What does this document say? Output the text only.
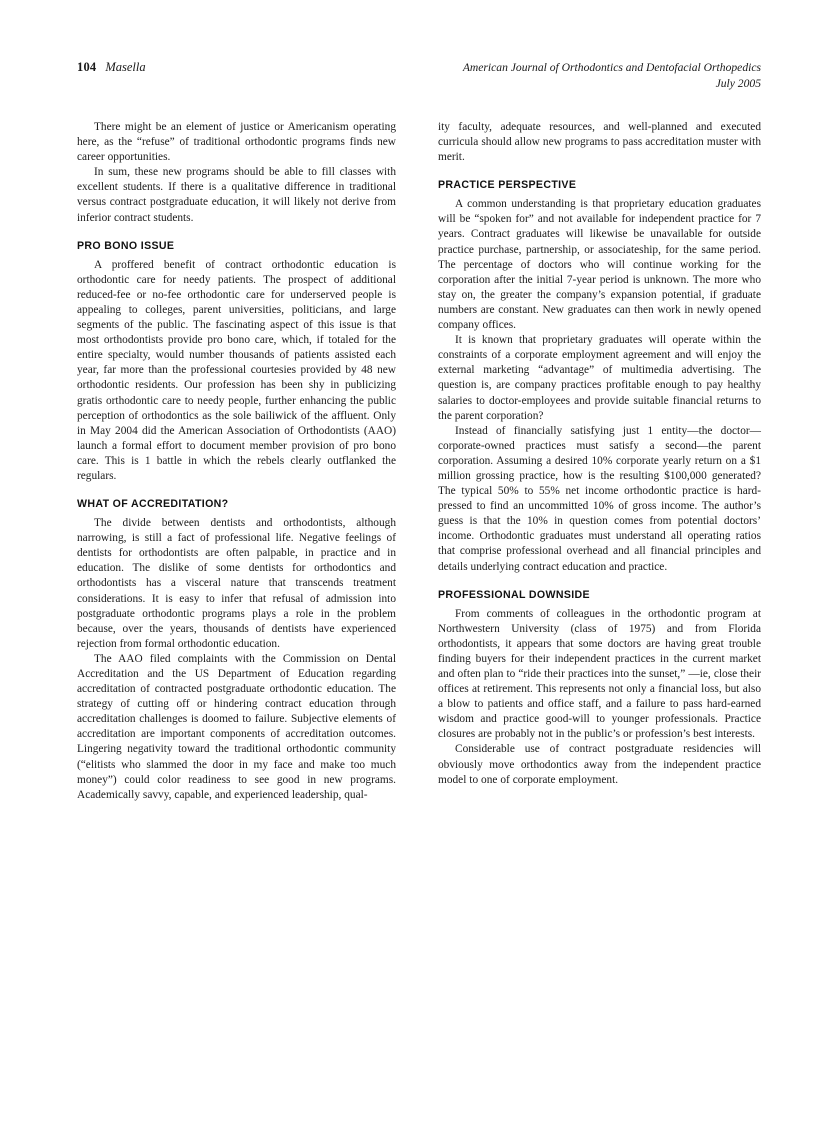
104 Masella	American Journal of Orthodontics and Dentofacial Orthopedics
July 2005

There might be an element of justice or Americanism operating here, as the “refuse” of traditional orthodontic programs finds new career opportunities.

In sum, these new programs should be able to fill classes with excellent students. If there is a qualitative difference in traditional versus contract postgraduate education, it will likely not derive from inferior contract students.

PRO BONO ISSUE

A proffered benefit of contract orthodontic education is orthodontic care for needy patients. The prospect of additional reduced-fee or no-fee orthodontic care for underserved people is appealing to colleges, parent universities, politicians, and large segments of the public. The fascinating aspect of this issue is that most orthodontists provide pro bono care, which, if totaled for the entire specialty, would number thousands of patients assisted each year, far more than the professional courtesies provided by 48 new orthodontic residents. Our profession has been shy in publicizing gratis orthodontic care to needy people, further enhancing the public perception of orthodontics as the sole bailiwick of the affluent. Only in May 2004 did the American Association of Orthodontists (AAO) launch a formal effort to document member provision of pro bono care. This is 1 battle in which the rebels clearly outflanked the regulars.

WHAT OF ACCREDITATION?

The divide between dentists and orthodontists, although narrowing, is still a fact of professional life. Negative feelings of dentists for orthodontists are often palpable, in practice and in education. The dislike of some dentists for orthodontics and orthodontists has a visceral nature that transcends treatment considerations. It is easy to infer that refusal of admission into postgraduate orthodontic programs plays a role in the problem because, over the years, thousands of dentists have experienced rejection from formal orthodontic education.

The AAO filed complaints with the Commission on Dental Accreditation and the US Department of Education regarding accreditation of contracted postgraduate orthodontic education. The strategy of cutting off or hindering contract education through accreditation challenges is doomed to failure. Subjective elements of accreditation are important components of accreditation outcomes. Lingering negativity toward the traditional orthodontic community (“elitists who slammed the door in my face and make too much money”) could color readiness to see good in new programs. Academically savvy, capable, and experienced leadership, qual-

ity faculty, adequate resources, and well-planned and executed curricula should allow new programs to pass accreditation muster with merit.

PRACTICE PERSPECTIVE

A common understanding is that proprietary education graduates will be “spoken for” and not available for independent practice for 7 years. Contract graduates will likewise be unavailable for outside practice purchase, partnership, or associateship, for the same period. The percentage of doctors who will continue working for the corporation after the initial 7-year period is unknown. The more who stay on, the greater the company’s expansion potential, if graduate numbers are constant. New graduates can then work in newly opened company offices.

It is known that proprietary graduates will operate within the constraints of a corporate employment agreement and will enjoy the external marketing “advantage” of multimedia advertising. The question is, are company practices profitable enough to pay healthy salaries to doctor-employees and provide suitable financial returns to the parent corporation?

Instead of financially satisfying just 1 entity—the doctor—corporate-owned practices must satisfy a second—the parent corporation. Assuming a desired 10% corporate yearly return on a $1 million grossing practice, how is the resulting $100,000 generated? The typical 50% to 55% net income orthodontic practice is hard-pressed to find an uncommitted 10% of gross income. The author’s guess is that the 10% in question comes from potential doctors’ income. Orthodontic graduates must understand all operating ratios that comprise professional overhead and all financial principles and details underlying contract education and practice.

PROFESSIONAL DOWNSIDE

From comments of colleagues in the orthodontic program at Northwestern University (class of 1975) and from Florida orthodontists, it appears that some doctors are having great trouble finding buyers for their independent practices in the current market and often plan to “ride their practices into the sunset,” —ie, close their offices at retirement. This represents not only a financial loss, but also a blow to patients and office staff, and a failure to pass hard-earned wisdom and practice good-will to younger professionals. Practice closures are probably not in the public’s or profession’s best interests.

Considerable use of contract postgraduate residencies will obviously move orthodontics away from the independent practice model to one of corporate employment.
